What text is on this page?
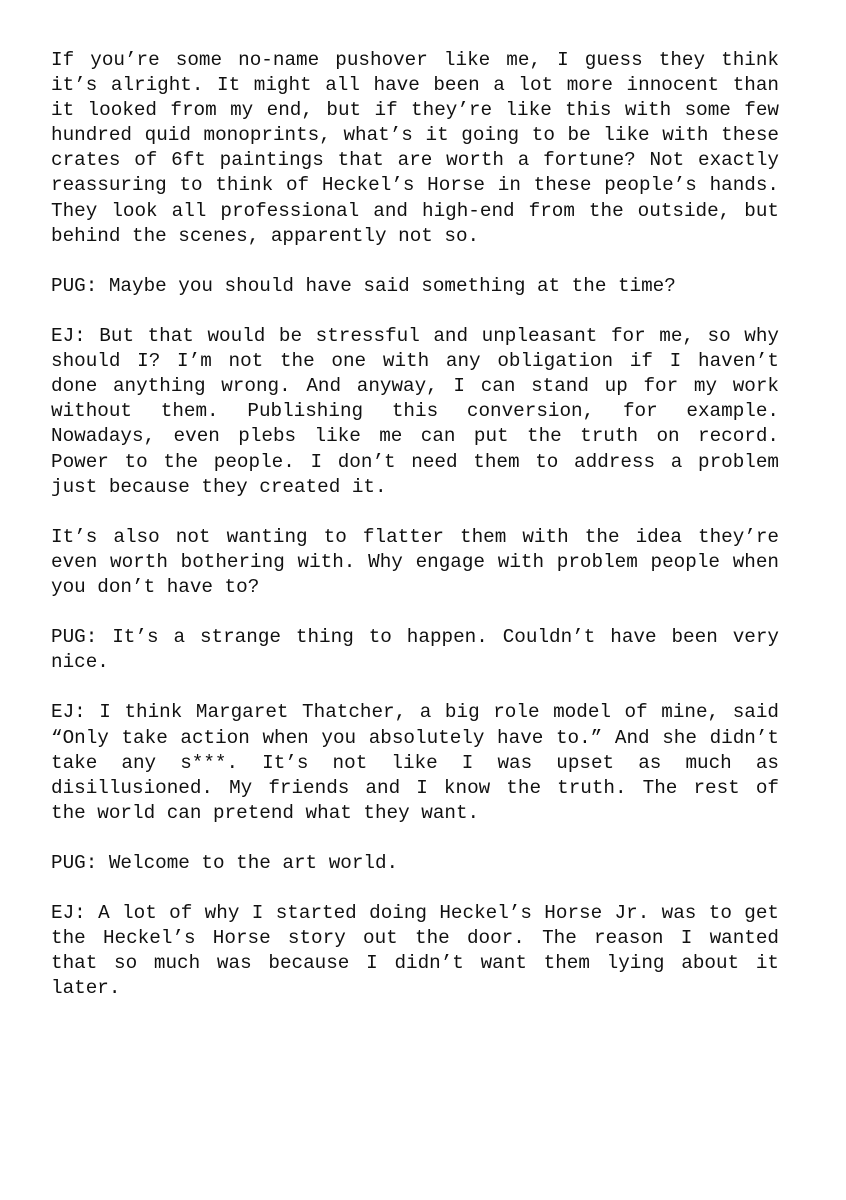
If you’re some no-name pushover like me, I guess they think it’s alright. It might all have been a lot more innocent than it looked from my end, but if they’re like this with some few hundred quid monoprints, what’s it going to be like with these crates of 6ft paintings that are worth a fortune? Not exactly reassuring to think of Heckel’s Horse in these people’s hands. They look all professional and high-end from the outside, but behind the scenes, apparently not so.

PUG: Maybe you should have said something at the time?

EJ: But that would be stressful and unpleasant for me, so why should I? I’m not the one with any obligation if I haven’t done anything wrong. And anyway, I can stand up for my work without them. Publishing this conversion, for example. Nowadays, even plebs like me can put the truth on record. Power to the people. I don’t need them to address a problem just because they created it.

It’s also not wanting to flatter them with the idea they’re even worth bothering with. Why engage with problem people when you don’t have to?

PUG: It’s a strange thing to happen. Couldn’t have been very nice.

EJ: I think Margaret Thatcher, a big role model of mine, said “Only take action when you absolutely have to.” And she didn’t take any s***. It’s not like I was upset as much as disillusioned. My friends and I know the truth. The rest of the world can pretend what they want.

PUG: Welcome to the art world.

EJ: A lot of why I started doing Heckel’s Horse Jr. was to get the Heckel’s Horse story out the door. The reason I wanted that so much was because I didn’t want them lying about it later.
